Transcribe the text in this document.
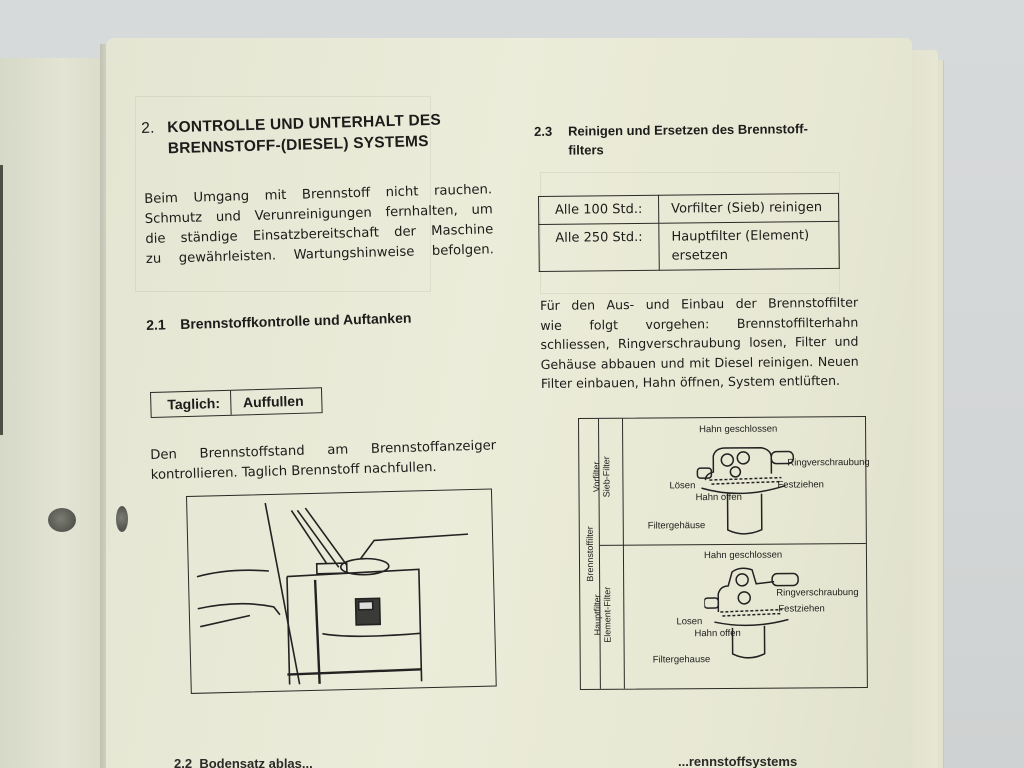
2. KONTROLLE UND UNTERHALT DES
BRENNSTOFF-(DIESEL) SYSTEMS
Beim Umgang mit Brennstoff nicht rauchen.
Schmutz und Verunreinigungen fernhalten, um
die ständige Einsatzbereitschaft der Maschine
zu gewährleisten. Wartungshinweise befolgen.
2.1 Brennstoffkontrolle und Auftanken
Taglich:	Auffullen
Den Brennstoffstand am Brennstoffanzeiger
kontrollieren. Taglich Brennstoff nachfullen.
2.2 Bodensatz ablas...
2.3 Reinigen und Ersetzen des Brennstoff-
filters
Alle 100 Std.:	Vorfilter (Sieb) reinigen
Alle 250 Std.:	Hauptfilter (Element) ersetzen
Für den Aus- und Einbau der Brennstoffilter
wie folgt vorgehen: Brennstoffilterhahn
schliessen, Ringverschraubung losen, Filter und
Gehäuse abbauen und mit Diesel reinigen. Neuen
Filter einbauen, Hahn öffnen, System entlüften.
Brennstoffilter
Vorfilter Sieb-Filter
Hauptfilter Element-Filter
Hahn geschlossen
Ringverschraubung
Lösen	Festziehen
Hahn offen
Filtergehäuse
Hahn geschlossen
Ringverschraubung
Festziehen
Losen
Hahn offen
Filtergehause
...rennstoffsystems
